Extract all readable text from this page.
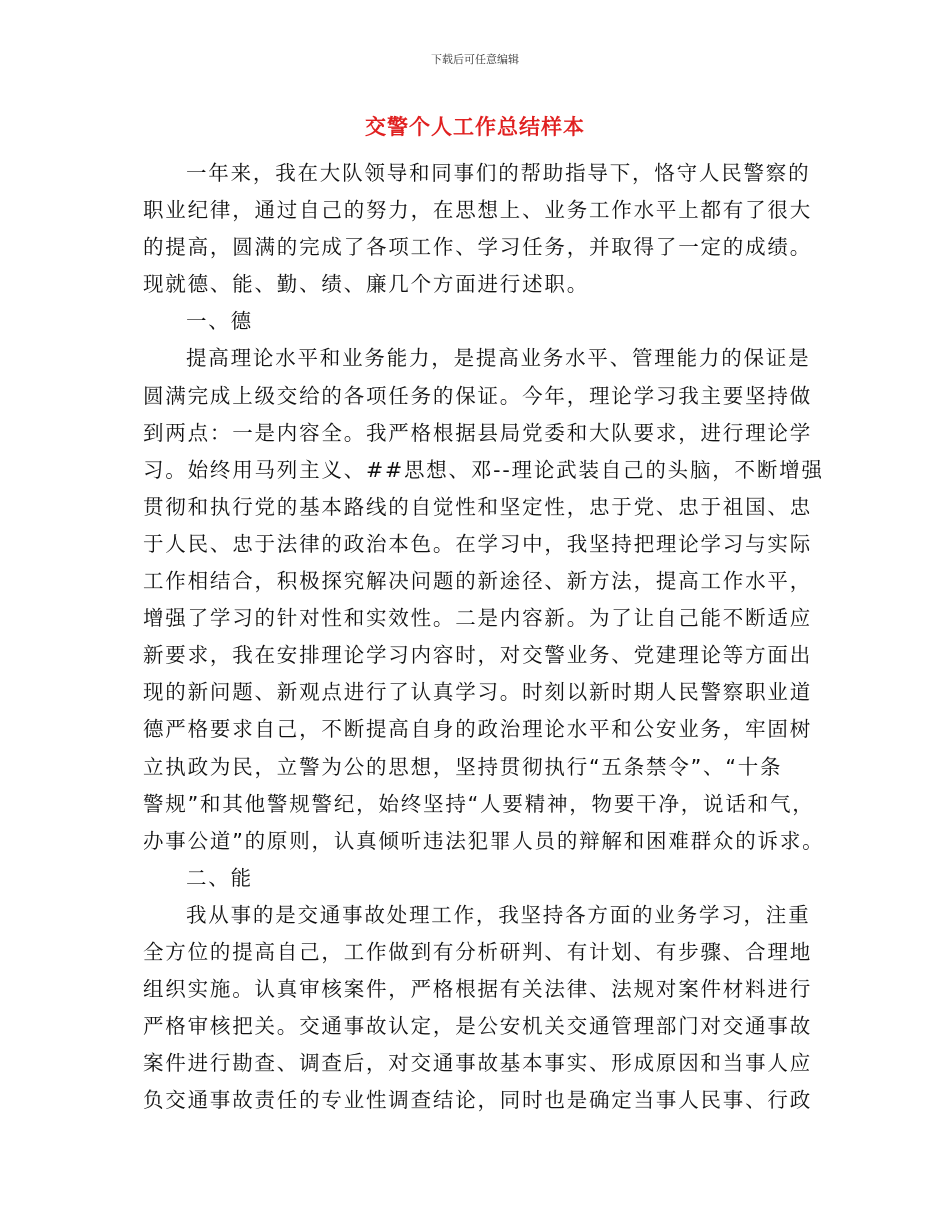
下载后可任意编辑
交警个人工作总结样本
一年来，我在大队领导和同事们的帮助指导下，恪守人民警察的
职业纪律，通过自己的努力，在思想上、业务工作水平上都有了很大
的提高，圆满的完成了各项工作、学习任务，并取得了一定的成绩。
现就德、能、勤、绩、廉几个方面进行述职。
一、德
提高理论水平和业务能力，是提高业务水平、管理能力的保证是
圆满完成上级交给的各项任务的保证。今年，理论学习我主要坚持做
到两点：一是内容全。我严格根据县局党委和大队要求，进行理论学
习。始终用马列主义、##思想、邓--理论武装自己的头脑，不断增强
贯彻和执行党的基本路线的自觉性和坚定性，忠于党、忠于祖国、忠
于人民、忠于法律的政治本色。在学习中，我坚持把理论学习与实际
工作相结合，积极探究解决问题的新途径、新方法，提高工作水平，
增强了学习的针对性和实效性。二是内容新。为了让自己能不断适应
新要求，我在安排理论学习内容时，对交警业务、党建理论等方面出
现的新问题、新观点进行了认真学习。时刻以新时期人民警察职业道
德严格要求自己，不断提高自身的政治理论水平和公安业务，牢固树
立执政为民，立警为公的思想，坚持贯彻执行“五条禁令”、“十条
警规”和其他警规警纪，始终坚持“人要精神，物要干净，说话和气，
办事公道”的原则，认真倾听违法犯罪人员的辩解和困难群众的诉求。
二、能
我从事的是交通事故处理工作，我坚持各方面的业务学习，注重
全方位的提高自己，工作做到有分析研判、有计划、有步骤、合理地
组织实施。认真审核案件，严格根据有关法律、法规对案件材料进行
严格审核把关。交通事故认定，是公安机关交通管理部门对交通事故
案件进行勘查、调查后，对交通事故基本事实、形成原因和当事人应
负交通事故责任的专业性调查结论，同时也是确定当事人民事、行政
